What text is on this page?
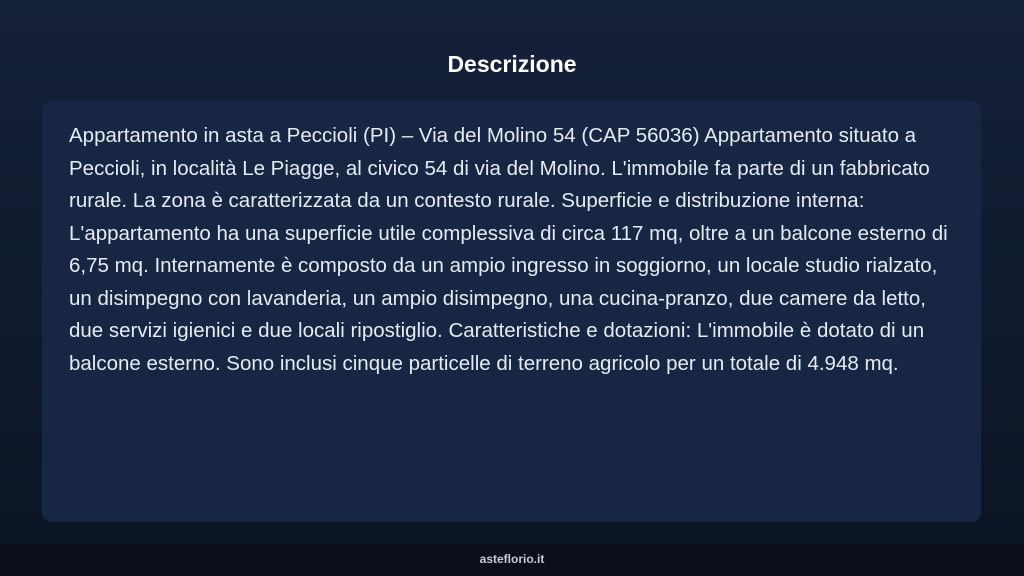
Descrizione

Appartamento in asta a Peccioli (PI) – Via del Molino 54 (CAP 56036) Appartamento situato a Peccioli, in località Le Piagge, al civico 54 di via del Molino. L'immobile fa parte di un fabbricato rurale. La zona è caratterizzata da un contesto rurale. Superficie e distribuzione interna: L'appartamento ha una superficie utile complessiva di circa 117 mq, oltre a un balcone esterno di 6,75 mq. Internamente è composto da un ampio ingresso in soggiorno, un locale studio rialzato, un disimpegno con lavanderia, un ampio disimpegno, una cucina-pranzo, due camere da letto, due servizi igienici e due locali ripostiglio. Caratteristiche e dotazioni: L'immobile è dotato di un balcone esterno. Sono inclusi cinque particelle di terreno agricolo per un totale di 4.948 mq.

asteflorio.it
